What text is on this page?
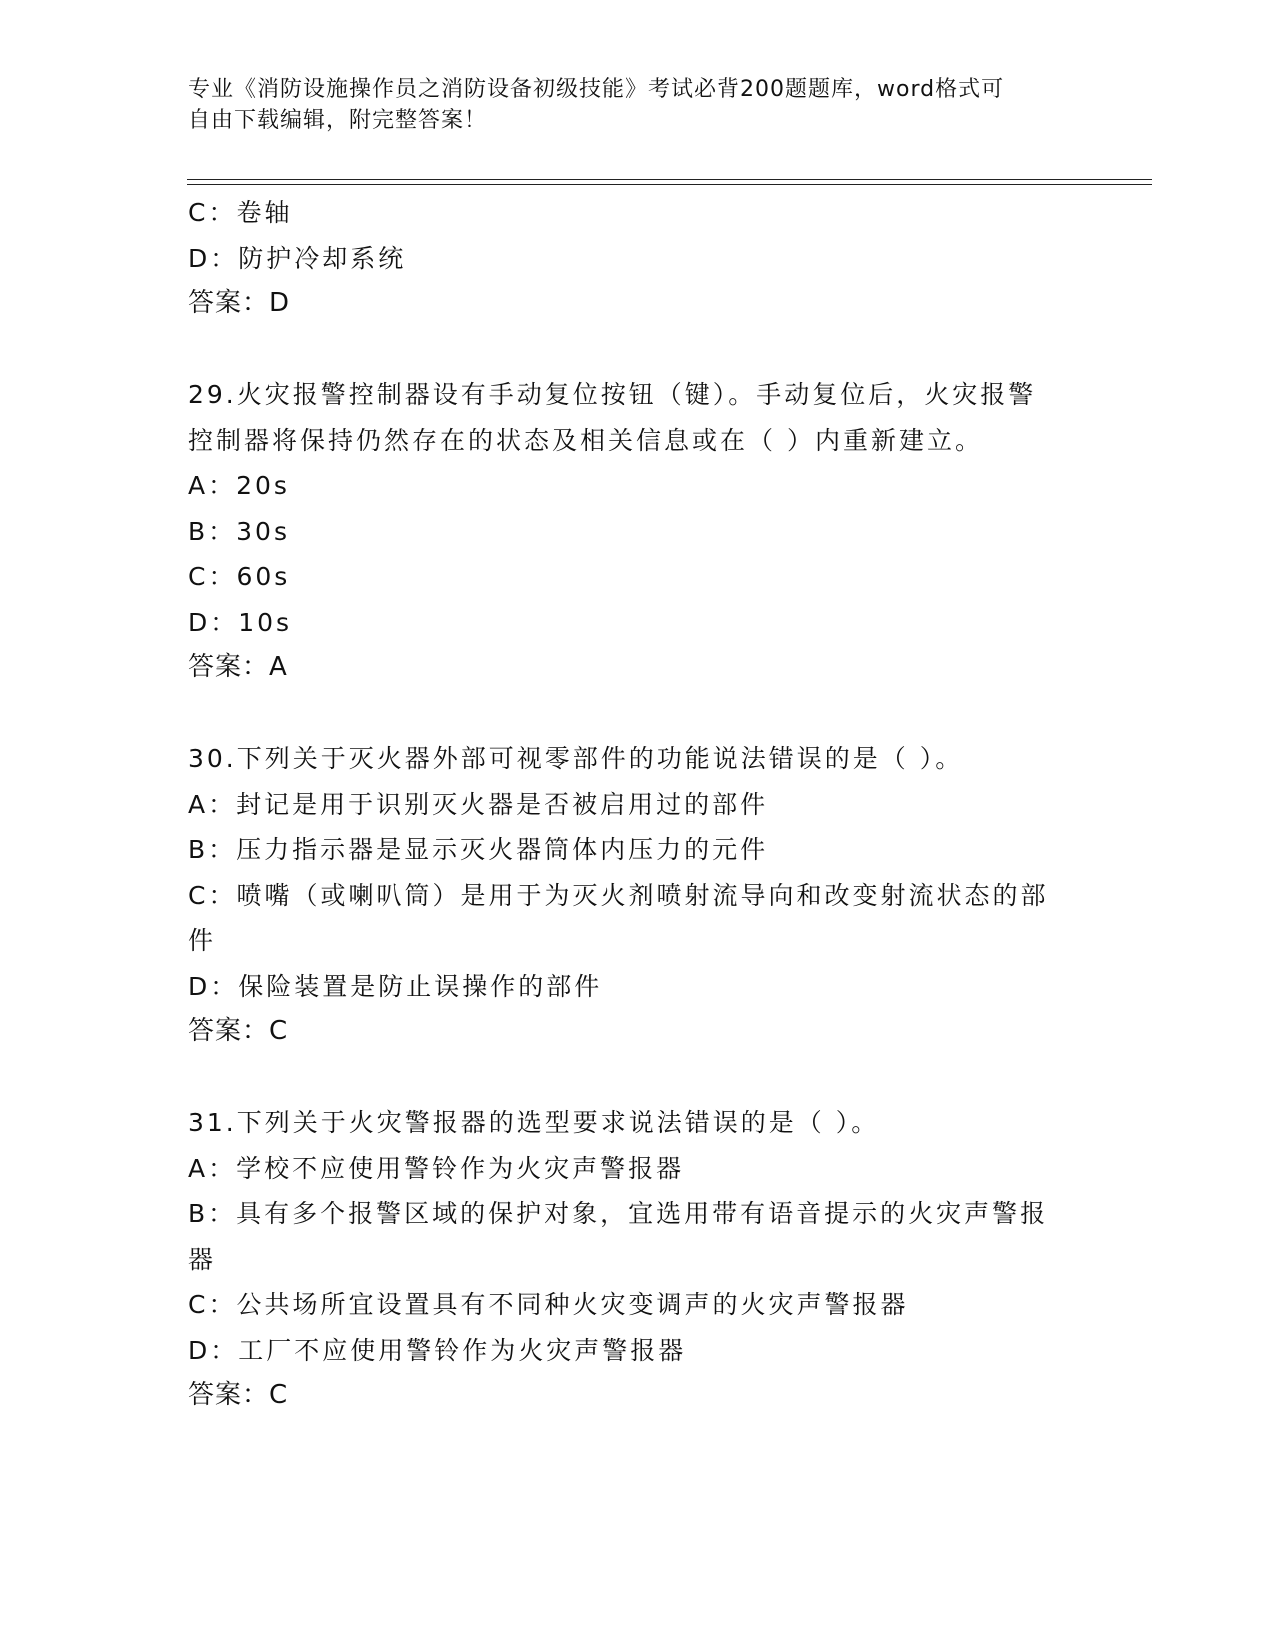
专业《消防设施操作员之消防设备初级技能》考试必背200题题库，word格式可
自由下载编辑，附完整答案！
C：卷轴
D：防护冷却系统
答案：D
29.火灾报警控制器设有手动复位按钮（键）。手动复位后，火灾报警
控制器将保持仍然存在的状态及相关信息或在（ ）内重新建立。
A：20s
B：30s
C：60s
D：10s
答案：A
30.下列关于灭火器外部可视零部件的功能说法错误的是（ ）。
A：封记是用于识别灭火器是否被启用过的部件
B：压力指示器是显示灭火器筒体内压力的元件
C：喷嘴（或喇叭筒）是用于为灭火剂喷射流导向和改变射流状态的部
件
D：保险装置是防止误操作的部件
答案：C
31.下列关于火灾警报器的选型要求说法错误的是（ ）。
A：学校不应使用警铃作为火灾声警报器
B：具有多个报警区域的保护对象，宜选用带有语音提示的火灾声警报
器
C：公共场所宜设置具有不同种火灾变调声的火灾声警报器
D：工厂不应使用警铃作为火灾声警报器
答案：C
